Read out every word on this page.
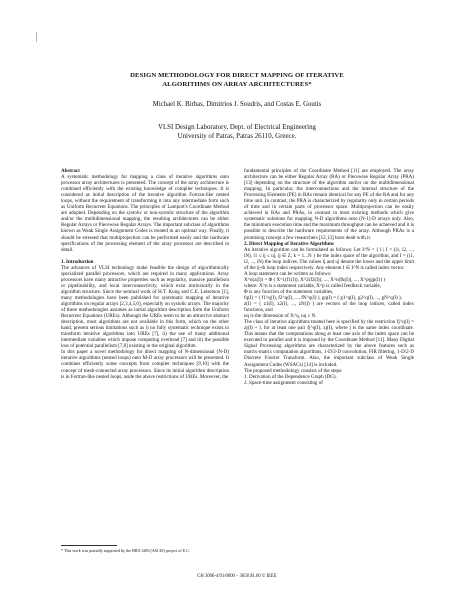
DESIGN METHODOLOGY FOR DIRECT MAPPING OF ITERATIVE
ALGORITHMS ON ARRAY ARCHITECTURES*
Michael K. Birbas, Dimitrios J. Soudris, and Costas E. Goutis
VLSI Design Laboratory, Dept. of Electrical Engineering
University of Patras, Patras 26110, Greece.
Abstract

A systematic methodology for mapping a class of iterative algorithms onto processor array architectures is presented. The concept of the array architecture is combined efficiently with the existing knowledge of compiler techniques. It is considered as initial description of the iterative algorithm Fortran-like nested loops, without the requirement of transforming it into any intermediate form such as Uniform Recurrent Equations. The principles of Lamport's Coordinate Method are adopted. Depending on the systolic or non-systolic structure of the algorithm and/or the multidimensional mapping, the resulting architectures can be either Regular Arrays or Piecewise Regular Arrays. The important subclass of algorithms known as Weak Single Assignment Codes is treated in an optimal way. Finally, it should be stressed that multiprojection can be performed easily and the hardware specifications of the processing element of the array processor are described in detail.

1. Introduction

The advances of VLSI technology make feasible the design of algorithmically specialized parallel processors, which are required in many applications. Array processors have many attractive properties such as regularity, massive parallelism or pipelinability, and local interconnectivity, which exist intrinsically in the algorithm structure. Since the seminal work of H.T. Kung and C.E. Leiserson [1], many methodologies have been published for systematic mapping of iterative algorithms on regular arrays [2,3,4,5,6], especially on systolic arrays. The majority of these methodologies assumes as initial algorithm description form the Uniform Recurrent Equations (UREs). Although the UREs seem to be an attractive abstract description, most algorithms are not available in this form, which on the other hand, present serious limitations such as i) no fully systematic technique exists to transform iterative algorithms into UREs [7], ii) the use of many additional intermediate variables which impose computing overhead [7] and iii) the possible loss of potential parallelism [7,8] existing in the original algorithm.

In this paper a novel methodology for direct mapping of N-dimensional (N-D) iterative algorithms (nested loops) onto M-D array processors will be presented. It combines efficiently some concepts from compiler techniques [9,10] with the concept of mesh-connected array processors. Since its initial algorithm description is in Fortran-like nested loops, aside the above restrictions of UREs. Moreover, the

fundamental principles of the Coordinate Method [11] are employed. The array architecture can be either Regular Array (RA) or Piecewise Regular Array (PRA) [13] depending on the structure of the algorithm and/or on the multidimensional mapping. In particular, the interconnections and the internal structure of the Processing Elements (PE) in RAs remain identical for any PE of the RA and for any time unit. In contrast, the PRA is characterized by regularity only in certain periods of time and in certain parts of processor space. Multiprojection can be easily achieved in RAs and PRAs, in contrast to most existing methods which give systematic solutions for mapping N-D algorithms onto (N-1)-D arrays only. Also, the minimum execution time and the maximum throughput can be achieved and it is possible to describe the hardware requirements of the array. Although PRAs is a promising concept a few researchers [12,13] have dealt with it.

2. Direct Mapping of Iterative Algorithms

An iterative algorithm can be formulated as follows: Let I^N = { I | I = (i1, i2, ..., iN), i1 ≤ ij ≤ uj, ij ∈ Z, k = 1...N } be the index space of the algorithm, and I = (i1, i2, ..., iN) the loop indices. The values lj and uj denote the lower and the upper limit of the ij-th loop index respectively. Any element I ∈ I^N is called index vector.

A loop statement can be written as follows:

X^n(z(I)) = Φ ( X^1(f1(I)), X^2(f2(I)), ..., X^n(fk(I)), ..., X^p(gp(I)) )

where: X^n is a statement variable, X^p is called feedback variable,

Φ is any function of the statement variables,

fq(I) = ( f1^q(I), f2^q(I), ..., fN^q(I) ), gq(I) = ( g1^q(I), g2^q(I), ..., gN^q(I) ),

z(I) = ( z1(I), z2(I), ..., zN(I) ) are vectors of the loop indices, called index functions, and

nq is the dimension of X^q, nq ≤ N.

The class of iterative algorithms treated here is specified by the restriction fj^q(I) = zj(I) + l, for at least one pair fj^q(I), zj(I), where j is the same index coordinate. This means that the computations along at least one axis of the index space can be executed in parallel and it is imposed by the Coordinate Method [11]. Many Digital Signal Processing algorithms are characterized by the above features such as matrix-matrix computation algorithms, 1-D/2-D convolution, FIR filtering, 1-D/2-D Discrete Fourier Transform. Also, the important subclass of Weak Single Assignment Codes (WSACs) [14] is included.

The proposed methodology consists of the steps:

1. Derivation of the Dependence Graph (DG).
2. Space-time assignment consisting of
* This work was partially supported by the BRA 3280 (ASCIS) project of E.C.
CH 3006-4/91/0000 – 3058 $1.00 © IEEE
